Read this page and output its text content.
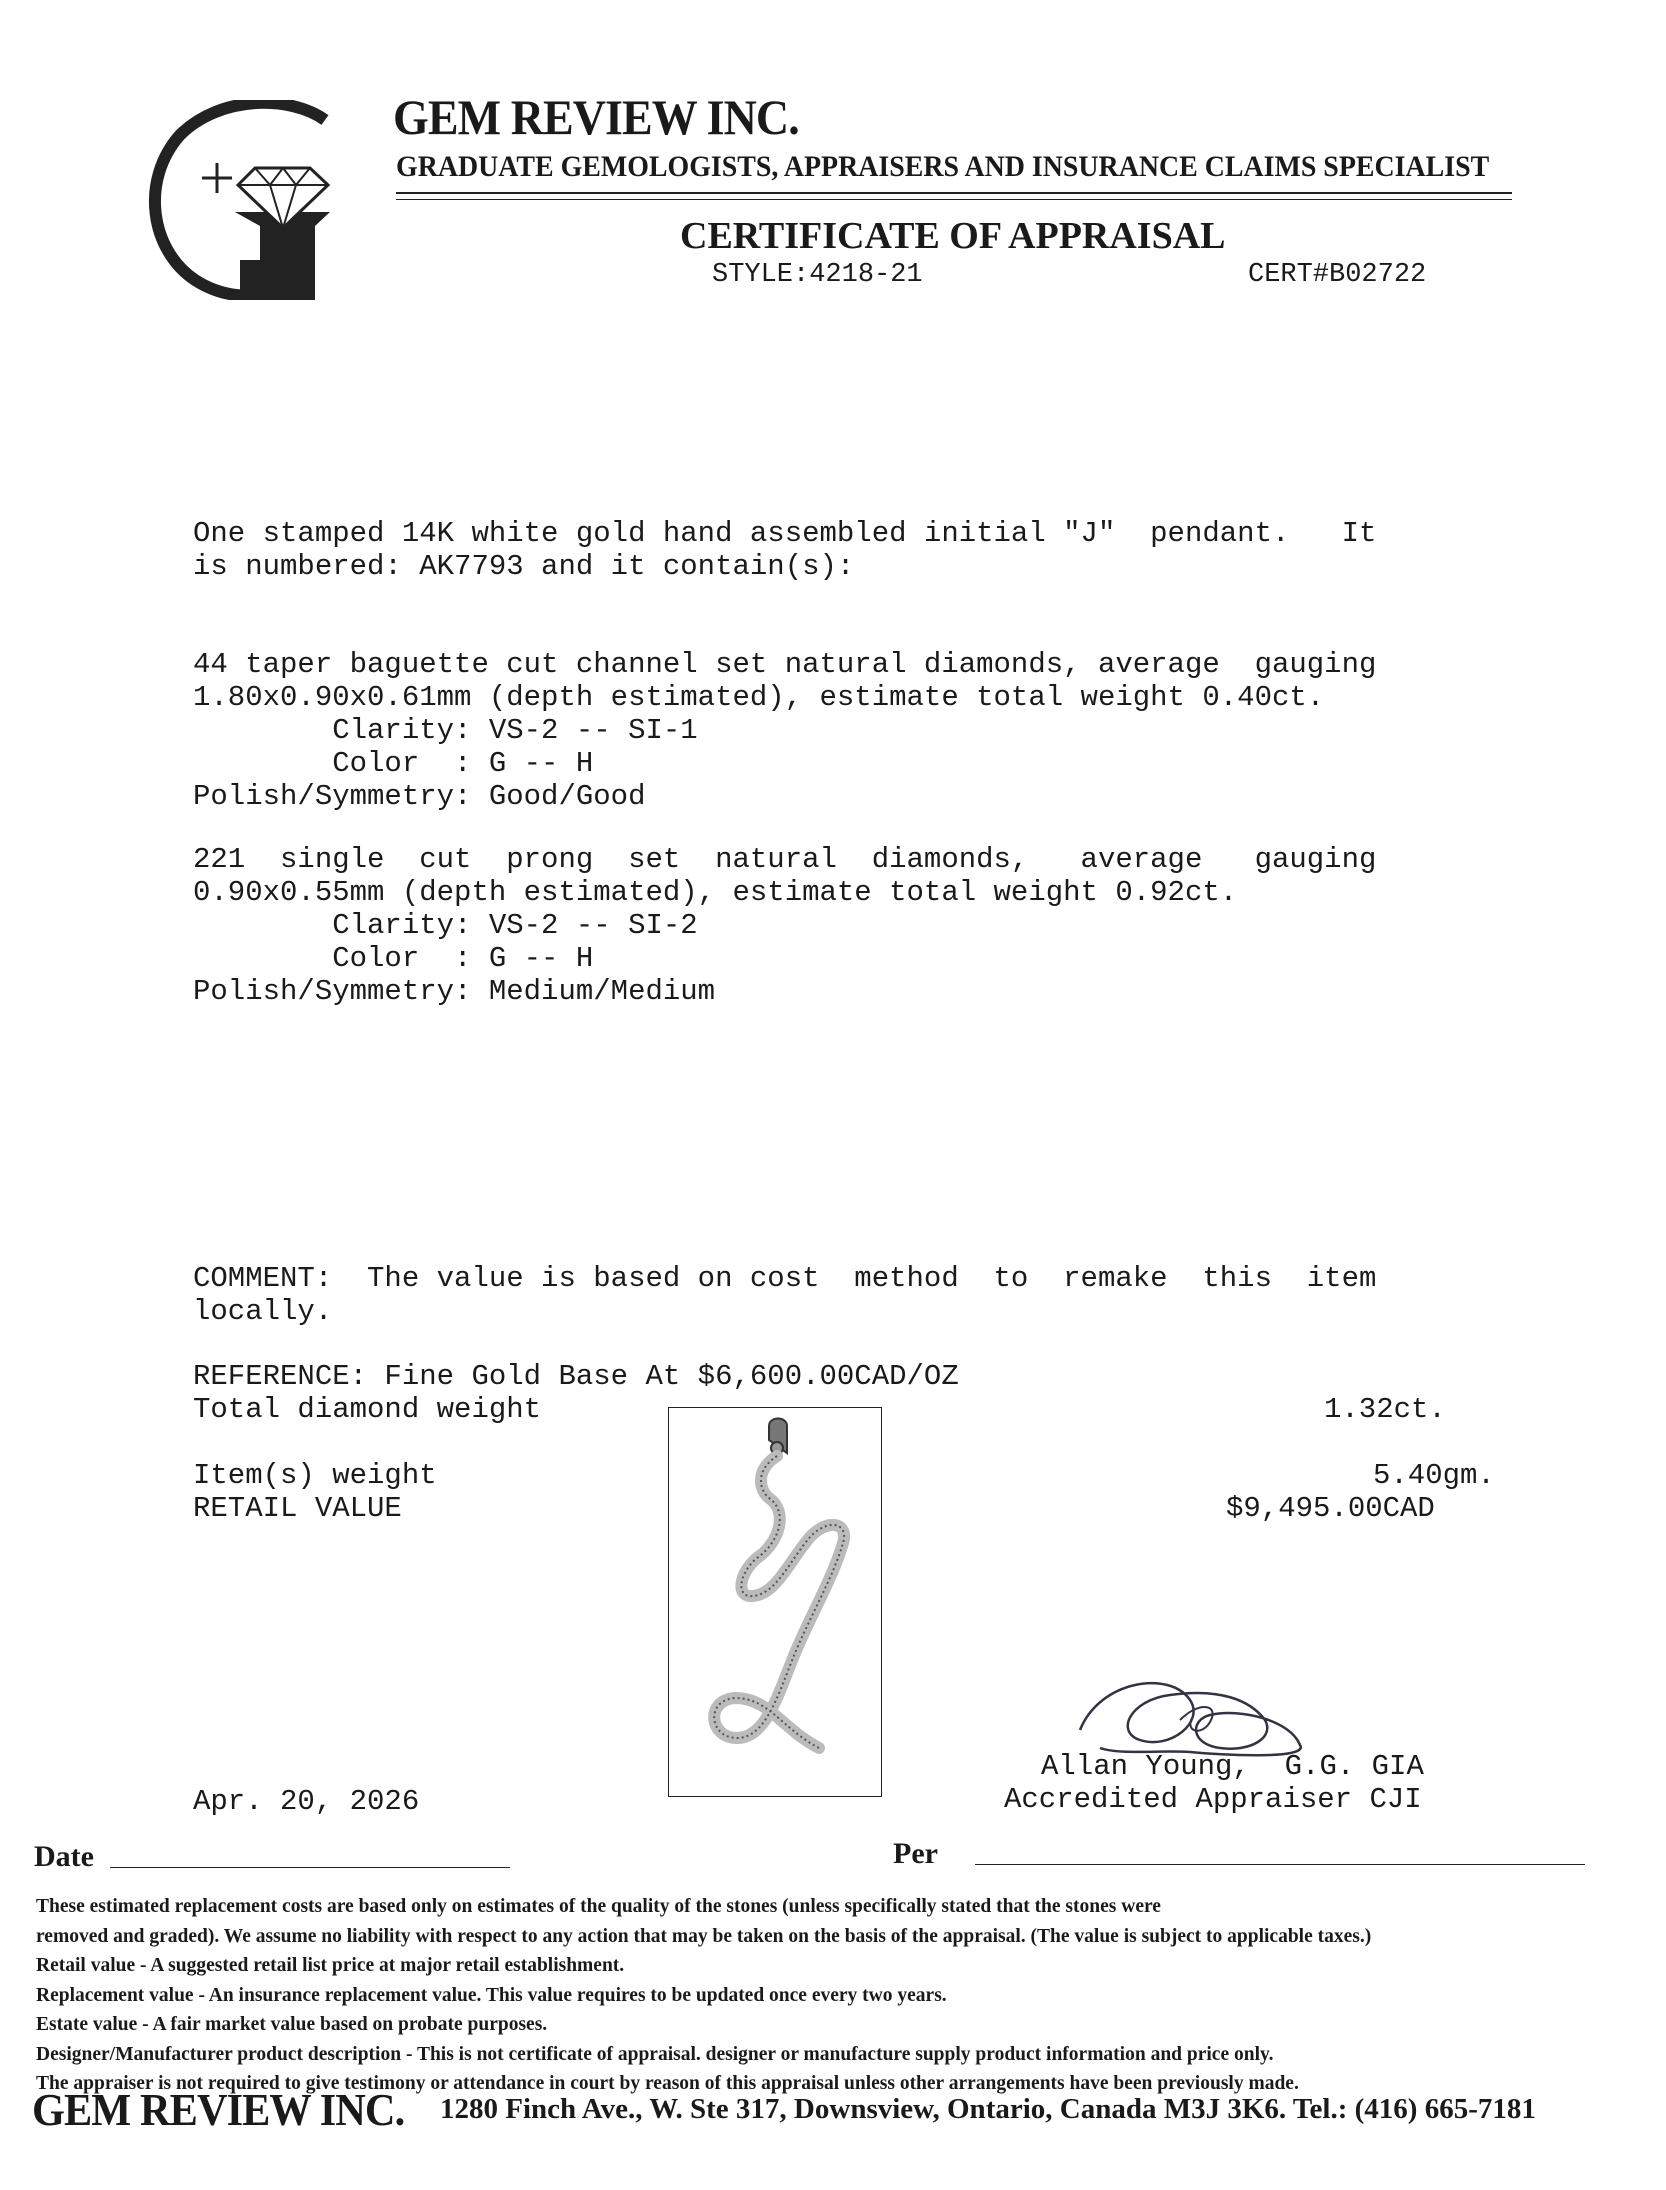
GEM REVIEW INC.
GRADUATE GEMOLOGISTS, APPRAISERS AND INSURANCE CLAIMS SPECIALIST
CERTIFICATE OF APPRAISAL
STYLE:4218-21	CERT#B02722
One stamped 14K white gold hand assembled initial "J"  pendant.   It
is numbered: AK7793 and it contain(s):
44 taper baguette cut channel set natural diamonds, average  gauging
1.80x0.90x0.61mm (depth estimated), estimate total weight 0.40ct.
Clarity: VS-2 -- SI-1
Color  : G -- H
Polish/Symmetry: Good/Good
221  single  cut  prong  set  natural  diamonds,   average   gauging
0.90x0.55mm (depth estimated), estimate total weight 0.92ct.
Clarity: VS-2 -- SI-2
Color  : G -- H
Polish/Symmetry: Medium/Medium
COMMENT:  The value is based on cost  method  to  remake  this  item
locally.
REFERENCE: Fine Gold Base At $6,600.00CAD/OZ
Total diamond weight	1.32ct.
Item(s) weight	5.40gm.
RETAIL VALUE	$9,495.00CAD
Allan Young,  G.G. GIA
Accredited Appraiser CJI
Apr. 20, 2026
Date	Per
These estimated replacement costs are based only on estimates of the quality of the stones (unless specifically stated that the stones were
removed and graded). We assume no liability with respect to any action that may be taken on the basis of the appraisal. (The value is subject to applicable taxes.)
Retail value - A suggested retail list price at major retail establishment.
Replacement value - An insurance replacement value. This value requires to be updated once every two years.
Estate value - A fair market value based on probate purposes.
Designer/Manufacturer product description - This is not certificate of appraisal. designer or manufacture supply product information and price only.
The appraiser is not required to give testimony or attendance in court by reason of this appraisal unless other arrangements have been previously made.
GEM REVIEW INC. 1280 Finch Ave., W. Ste 317, Downsview, Ontario, Canada M3J 3K6. Tel.: (416) 665-7181
